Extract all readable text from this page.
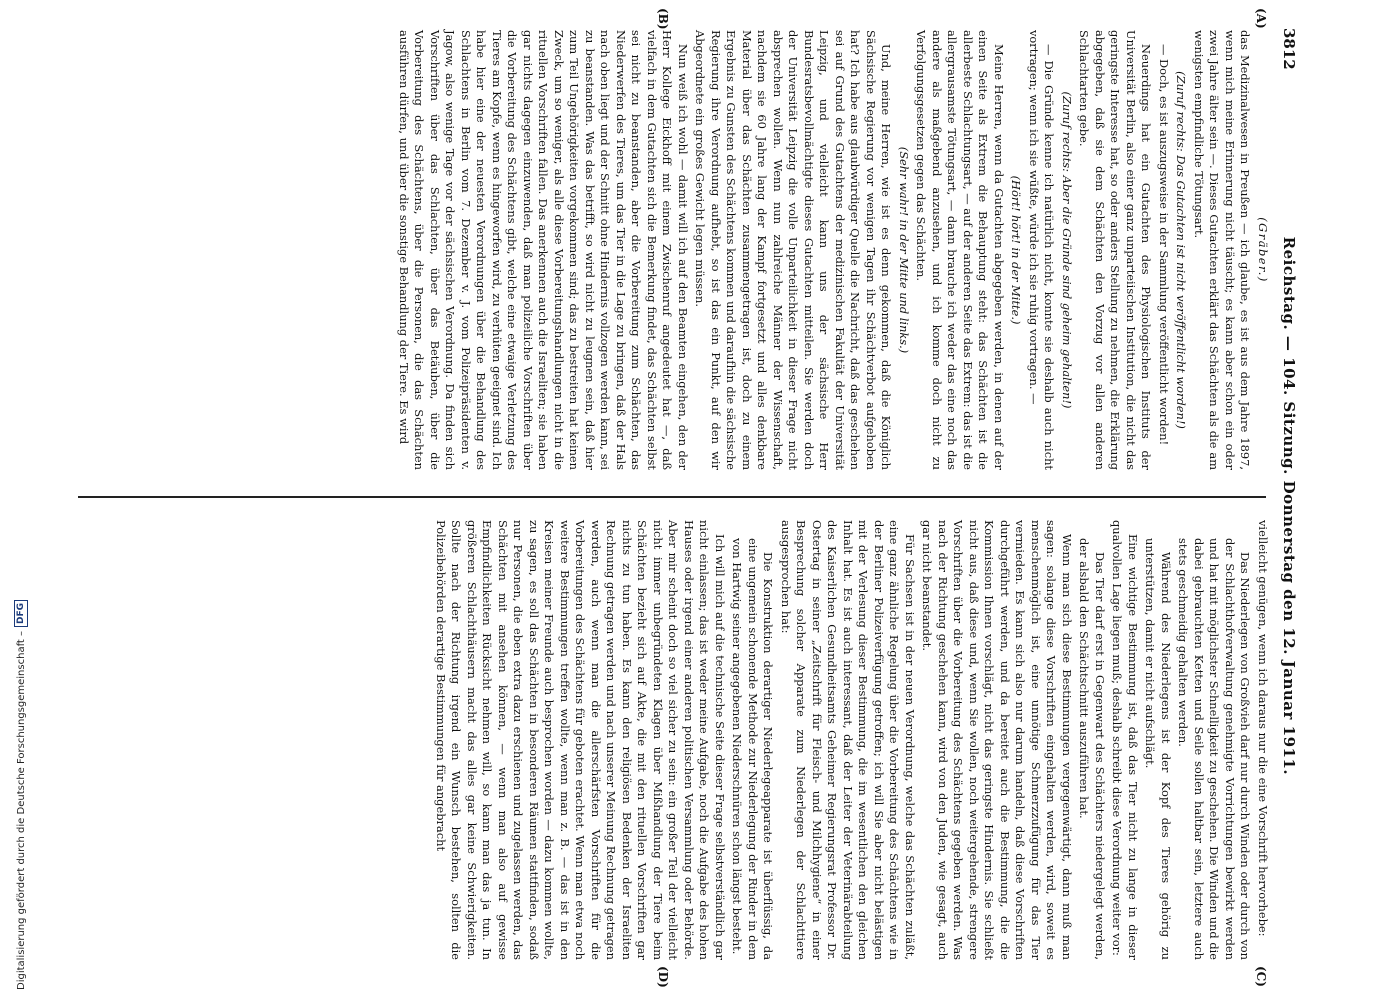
Digitalisierung gefördert durch die Deutsche Forschungsgemeinschaft –
DFG
3812
Reichstag. — 104. Sitzung. Donnerstag den 12. Januar 1911.
(A)
(B)
(C)
(D)

(Gräber.)

das Medizinalwesen in Preußen — ich glaube, es ist aus dem Jahre 1897, wenn mich meine Erinnerung nicht täuscht; es kann aber schon ein oder zwei Jahre älter sein —. Dieses Gutachten erklärt das Schächten als die am wenigsten empfindliche Tötungsart.

(Zuruf rechts: Das Gutachten ist nicht veröffentlicht worden!)

— Doch, es ist auszugsweise in der Sammlung veröffentlicht worden!

Neuerdings hat ein Gutachten des Physiologischen Instituts der Universität Berlin, also einer ganz unparteiischen Institution, die nicht das geringste Interesse hat, so oder anders Stellung zu nehmen, die Erklärung abgegeben, daß sie dem Schächten den Vorzug vor allen anderen Schlachtarten gebe.

(Zuruf rechts: Aber die Gründe sind geheim gehalten!)

— Die Gründe kenne ich natürlich nicht, konnte sie deshalb auch nicht vortragen; wenn ich sie wüßte, würde ich sie ruhig vortragen. —

(Hört! hört! in der Mitte.)

Meine Herren, wenn da Gutachten abgegeben werden, in denen auf der einen Seite als Extrem die Behauptung steht: das Schächten ist die allerbeste Schlachtungsart, — auf der anderen Seite das Extrem: das ist die allergrausamste Tötungsart, — dann brauche ich weder das eine noch das andere als maßgebend anzusehen, und ich komme doch nicht zu Verfolgungsgesetzen gegen das Schächten.

(Sehr wahr! in der Mitte und links.)

Und, meine Herren, wie ist es denn gekommen, daß die Königlich Sächsische Regierung vor wenigen Tagen ihr Schächtverbot aufgehoben hat? Ich habe aus glaubwürdiger Quelle die Nachricht, daß das geschehen sei auf Grund des Gutachtens der medizinischen Fakultät der Universität Leipzig, und vielleicht kann uns der sächsische Herr Bundesratsbevollmächtigte dieses Gutachten mitteilen. Sie werden doch der Universität Leipzig die volle Unparteilichkeit in dieser Frage nicht absprechen wollen. Wenn nun zahlreiche Männer der Wissenschaft, nachdem sie 60 Jahre lang der Kampf fortgesetzt und alles denkbare Material über das Schächten zusammengetragen ist, doch zu einem Ergebnis zu Gunsten des Schächtens kommen und daraufhin die sächsische Regierung ihre Verordnung aufhebt, so ist das ein Punkt, auf den wir Abgeordnete ein großes Gewicht legen müssen.

Nun weiß ich wohl — damit will ich auf den Beamten eingehen, den der Herr Kollege Eickhoff mit einem Zwischenruf angedeutet hat —, daß vielfach in dem Gutachten sich die Bemerkung findet, das Schächten selbst sei nicht zu beanstanden, aber die Vorbereitung zum Schächten, das Niederwerfen des Tieres, um das Tier in die Lage zu bringen, daß der Hals nach oben liegt und der Schnitt ohne Hindernis vollzogen werden kann, sei zu beanstanden. Was das betrifft, so wird nicht zu leugnen sein, daß hier zum Teil Ungehörigkeiten vorgekommen sind; das zu bestreiten hat keinen Zweck, um so weniger, als alle diese Vorbereitungshandlungen nicht in die rituellen Vorschriften fallen. Das anerkennen auch die Israeliten; sie haben gar nichts dagegen einzuwenden, daß man polizeiliche Vorschriften über die Vorbereitung des Schächtens gibt, welche eine etwaige Verletzung des Tieres am Kopfe, wenn es hingeworfen wird, zu verhüten geeignet sind. Ich habe hier eine der neuesten Verordnungen über die Behandlung des Schlachtens in Berlin vom 7. Dezember v. J. vom Polizeipräsidenten v. Jagow, also wenige Tage vor der sächsischen Verordnung. Da finden sich Vorschriften über das Schlachten, über das Betäuben, über die Vorbereitung des Schächtens, über die Personen, die das Schächten ausführen dürfen, und über die sonstige Behandlung der Tiere. Es wird

vielleicht genügen, wenn ich daraus nur die eine Vorschrift hervorhebe:

Das Niederlegen von Großvieh darf nur durch Winden oder durch von der Schlachthofverwaltung genehmigte Vorrichtungen bewirkt werden und hat mit möglichster Schnelligkeit zu geschehen. Die Winden und die dabei gebrauchten Ketten und Seile sollen haltbar sein, letztere auch stets geschmeidig gehalten werden.

Während des Niederlegens ist der Kopf des Tieres gehörig zu unterstützen, damit er nicht aufschlägt.

Eine wichtige Bestimmung ist, daß das Tier nicht zu lange in dieser qualvollen Lage liegen muß; deshalb schreibt diese Verordnung weiter vor:

Das Tier darf erst in Gegenwart des Schächters niedergelegt werden, der alsbald den Schächtschnitt auszuführen hat.

Wenn man sich diese Bestimmungen vergegenwärtigt, dann muß man sagen: solange diese Vorschriften eingehalten werden, wird, soweit es menschenmöglich ist, eine unnötige Schmerzzufügung für das Tier vermieden. Es kann sich also nur darum handeln, daß diese Vorschriften durchgeführt werden, und da bereitet auch die Bestimmung, die die Kommission Ihnen vorschlägt, nicht das geringste Hindernis. Sie schließt nicht aus, daß diese und, wenn Sie wollen, noch weitergehende, strengere Vorschriften über die Vorbereitung des Schächtens gegeben werden. Was nach der Richtung geschehen kann, wird von den Juden, wie gesagt, auch gar nicht beanstandet.

Für Sachsen ist in der neuen Verordnung, welche das Schächten zuläßt, eine ganz ähnliche Regelung über die Vorbereitung des Schächtens wie in der Berliner Polizeiverfügung getroffen; ich will Sie aber nicht belästigen mit der Verlesung dieser Bestimmung, die im wesentlichen den gleichen Inhalt hat. Es ist auch interessant, daß der Leiter der Veterinärabteilung des Kaiserlichen Gesundheitsamts Geheimer Regierungsrat Professor Dr. Ostertag in seiner „Zeitschrift für Fleisch- und Milchhygiene“ in einer Besprechung solcher Apparate zum Niederlegen der Schlachttiere ausgesprochen hat:

Die Konstruktion derartiger Niederlegeapparate ist überflüssig, da eine ungemein schonende Methode zur Niederlegung der Rinder in dem von Hartwig seiner angegebenen Niederschnüren schon längst besteht.

Ich will mich auf die technische Seite dieser Frage selbstverständlich gar nicht einlassen; das ist weder meine Aufgabe, noch die Aufgabe des hohen Hauses oder irgend einer anderen politischen Versammlung oder Behörde. Aber mir scheint doch so viel sicher zu sein: ein großer Teil der vielleicht nicht immer unbegründeten Klagen über Mißhandlung der Tiere beim Schächten bezieht sich auf Akte, die mit den rituellen Vorschriften gar nichts zu tun haben. Es kann den religiösen Bedenken der Israeliten Rechnung getragen werden und nach unserer Meinung Rechnung getragen werden, auch wenn man die allerschärfsten Vorschriften für die Vorbereitungen des Schächtens für geboten erachtet. Wenn man etwa noch weitere Bestimmungen treffen wollte, wenn man z. B. — das ist in den Kreisen meiner Freunde auch besprochen worden — dazu kommen wollte, zu sagen, es soll das Schächten in besonderen Räumen stattfinden, sodaß nur Personen, die eben extra dazu erschienen und zugelassen werden, das Schächten mit ansehen können, — wenn man also auf gewisse Empfindlichkeiten Rücksicht nehmen will, so kann man das ja tun. In größeren Schlachthäusern macht das alles gar keine Schwierigkeiten. Sollte nach der Richtung irgend ein Wunsch bestehen, sollten die Polizeibehörden derartige Bestimmungen für angebracht
